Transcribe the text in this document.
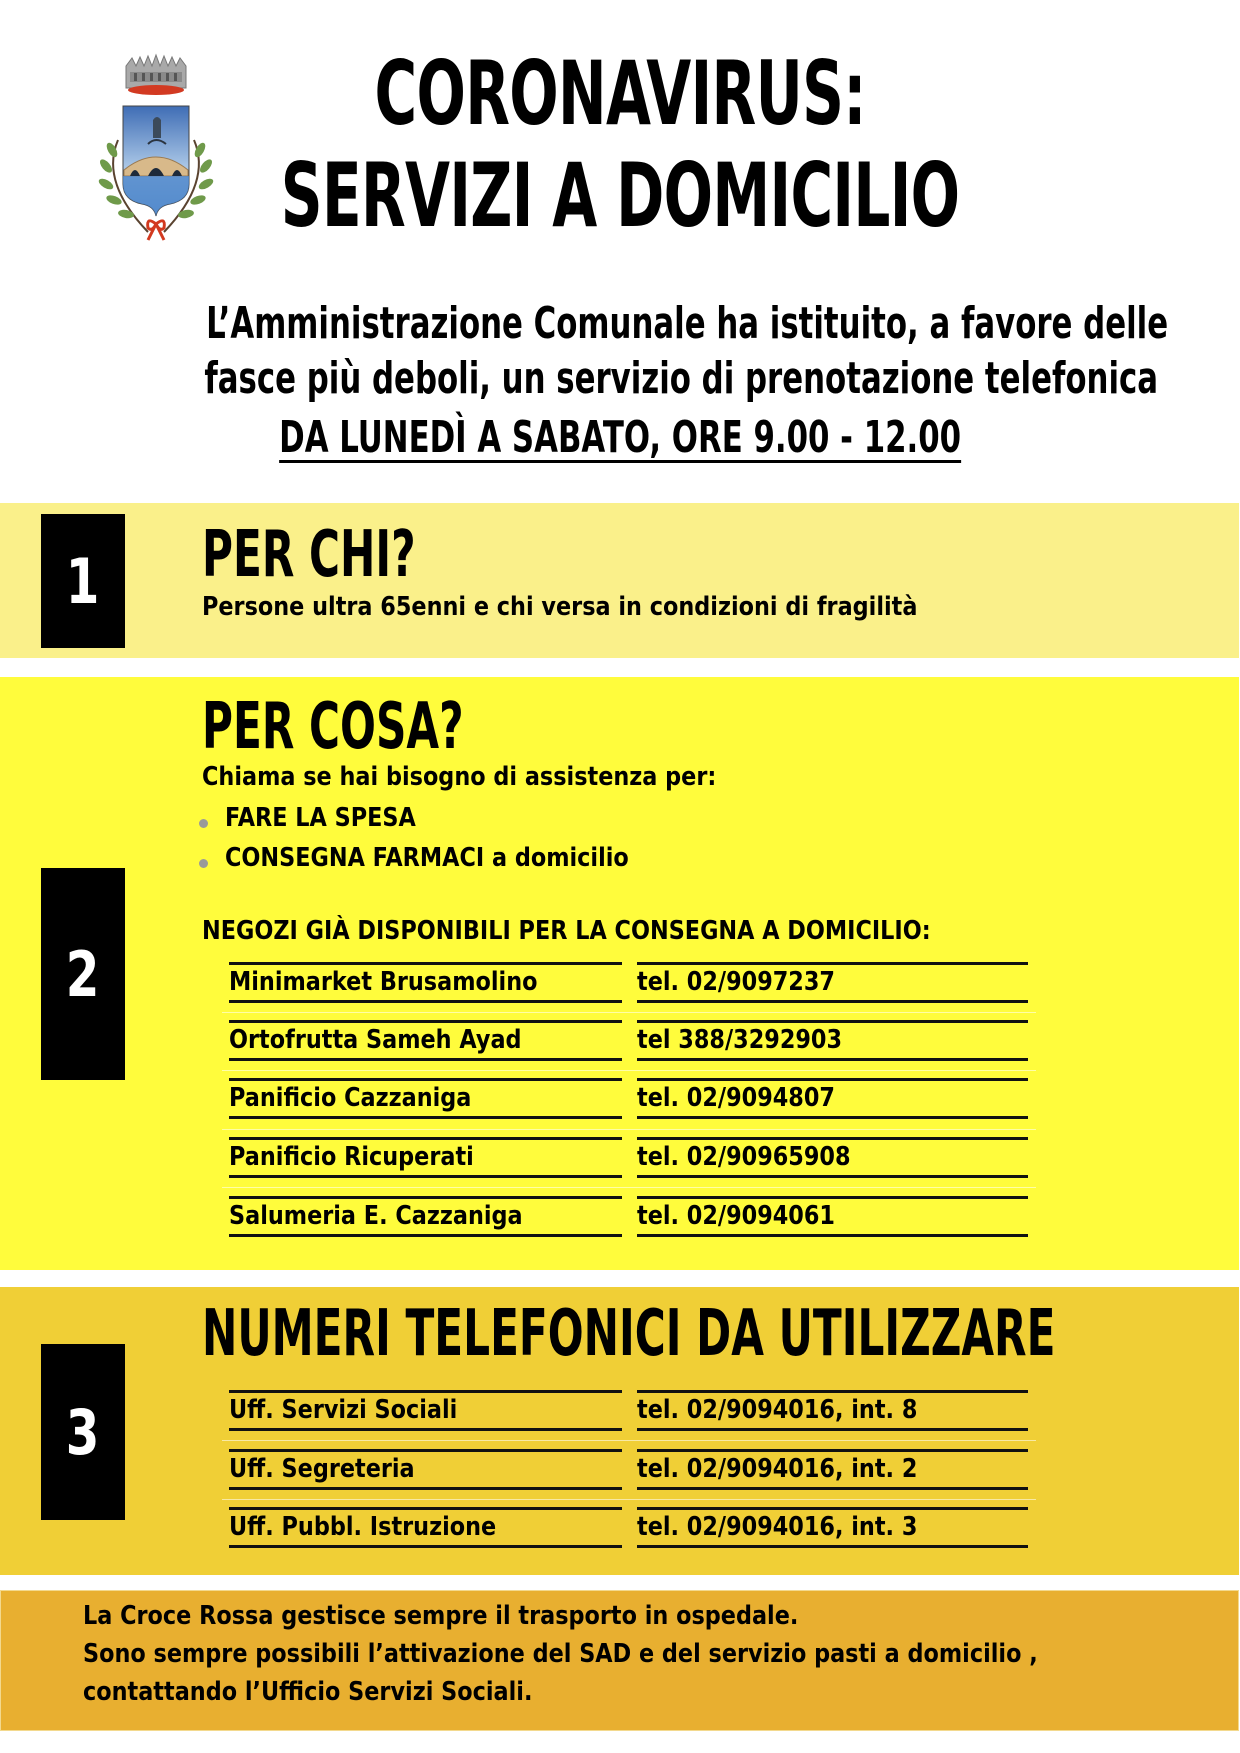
CORONAVIRUS:
SERVIZI A DOMICILIO
L’Amministrazione Comunale ha istituito, a favore delle
fasce più deboli, un servizio di prenotazione telefonica
DA LUNEDÌ A SABATO, ORE 9.00 - 12.00
1 PER CHI?
Persone ultra 65enni e chi versa in condizioni di fragilità
2
PER COSA?
Chiama se hai bisogno di assistenza per:
FARE LA SPESA
CONSEGNA FARMACI a domicilio
NEGOZI GIÀ DISPONIBILI PER LA CONSEGNA A DOMICILIO:
Minimarket Brusamolino	tel. 02/9097237
Ortofrutta Sameh Ayad	tel 388/3292903
Panificio Cazzaniga	tel. 02/9094807
Panificio Ricuperati	tel. 02/90965908
Salumeria E. Cazzaniga	tel. 02/9094061
3
NUMERI TELEFONICI DA UTILIZZARE
Uff. Servizi Sociali	tel. 02/9094016, int. 8
Uff. Segreteria	tel. 02/9094016, int. 2
Uff. Pubbl. Istruzione	tel. 02/9094016, int. 3
La Croce Rossa gestisce sempre il trasporto in ospedale.
Sono sempre possibili l’attivazione del SAD e del servizio pasti a domicilio ,
contattando l’Ufficio Servizi Sociali.
